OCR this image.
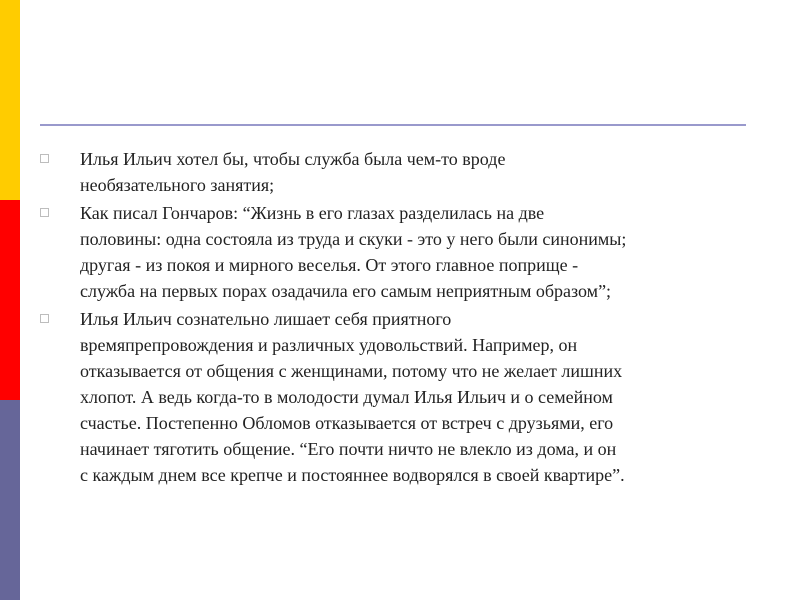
Илья Ильич хотел бы, чтобы служба была чем-то вроде
необязательного занятия;
Как писал Гончаров: “Жизнь в его глазах разделилась на две
половины: одна состояла из труда и скуки - это у него были синонимы;
другая - из покоя и мирного веселья. От этого главное поприще -
служба на первых порах озадачила его самым неприятным образом”;
Илья Ильич сознательно лишает себя приятного
времяпрепровождения и различных удовольствий. Например, он
отказывается от общения с женщинами, потому что не желает лишних
хлопот. А ведь когда-то в молодости думал Илья Ильич и о семейном
счастье. Постепенно Обломов отказывается от встреч с друзьями, его
начинает тяготить общение. “Его почти ничто не влекло из дома, и он
с каждым днем все крепче и постояннее водворялся в своей квартире”.
